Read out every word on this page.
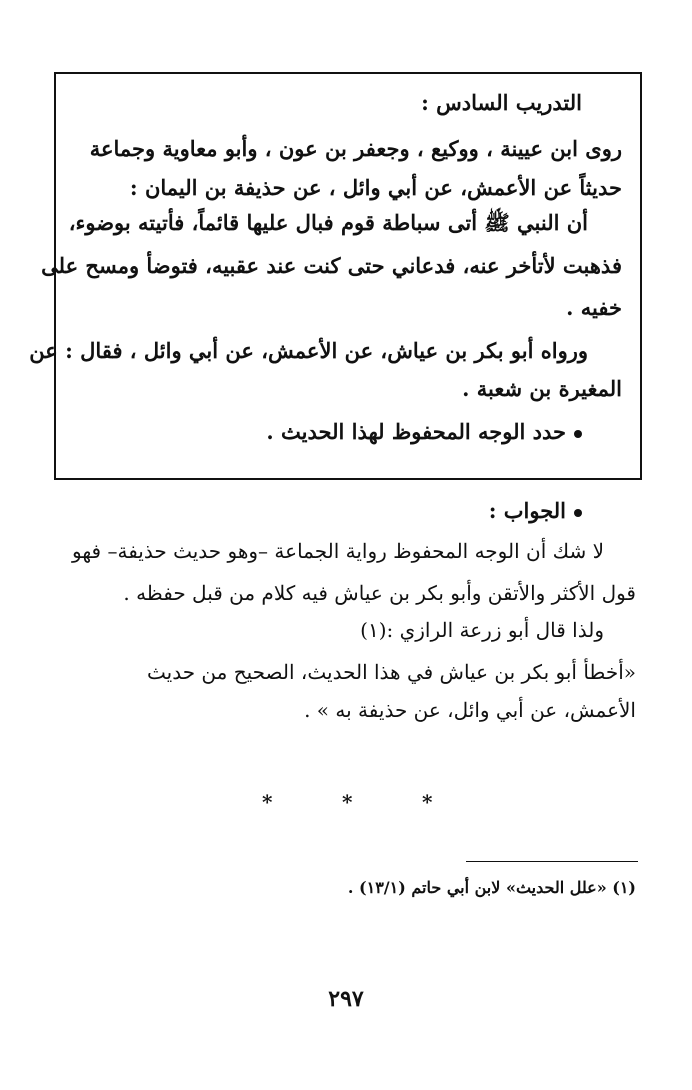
التدريب السادس :
روى ابن عيينة ، ووكيع ، وجعفر بن عون ، وأبو معاوية وجماعة
حديثاً عن الأعمش، عن أبي وائل ، عن حذيفة بن اليمان :
أن النبي ﷺ أتى سباطة قوم فبال عليها قائماً، فأتيته بوضوء،
فذهبت لأتأخر عنه، فدعاني حتى كنت عند عقبيه، فتوضأ ومسح على
خفيه .
ورواه أبو بكر بن عياش، عن الأعمش، عن أبي وائل ، فقال : عن
المغيرة بن شعبة .
حدد الوجه المحفوظ لهذا الحديث .
الجواب :
لا شك أن الوجه المحفوظ رواية الجماعة –وهو حديث حذيفة– فهو
قول الأكثر والأتقن وأبو بكر بن عياش فيه كلام من قبل حفظه .
ولذا قال أبو زرعة الرازي :(١)
«أخطأ أبو بكر بن عياش في هذا الحديث، الصحيح من حديث
الأعمش، عن أبي وائل، عن حذيفة به » .
*	*	*
(١) «علل الحديث» لابن أبي حاتم (١٣/١) .
٢٩٧
